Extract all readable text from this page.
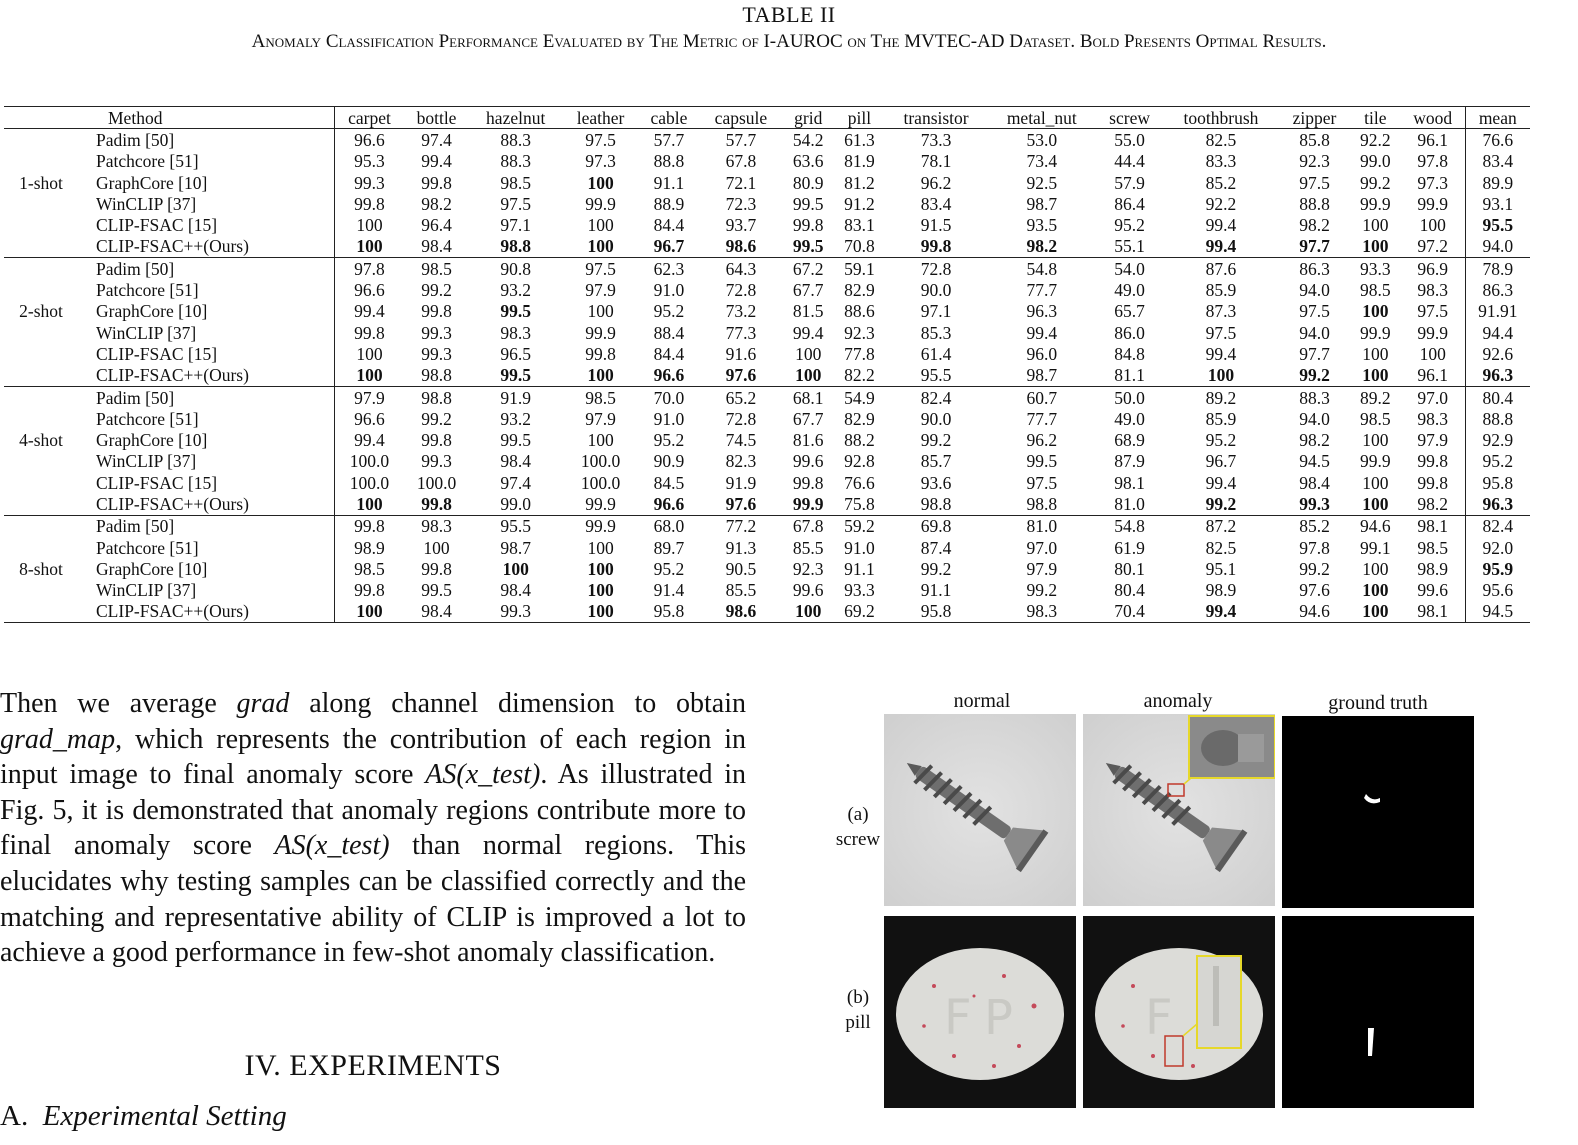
TABLE II
Anomaly Classification Performance Evaluated by The Metric of I-AUROC on The MVTEC-AD Dataset. Bold Presents Optimal Results.
	Method	carpet	bottle	hazelnut	leather	cable	capsule	grid	pill	transistor	metal_nut	screw	toothbrush	zipper	tile	wood	mean
	Padim [50]	96.6	97.4	88.3	97.5	57.7	57.7	54.2	61.3	73.3	53.0	55.0	82.5	85.8	92.2	96.1	76.6
	Patchcore [51]	95.3	99.4	88.3	97.3	88.8	67.8	63.6	81.9	78.1	73.4	44.4	83.3	92.3	99.0	97.8	83.4
1-shot	GraphCore [10]	99.3	99.8	98.5	100	91.1	72.1	80.9	81.2	96.2	92.5	57.9	85.2	97.5	99.2	97.3	89.9
	WinCLIP [37]	99.8	98.2	97.5	99.9	88.9	72.3	99.5	91.2	83.4	98.7	86.4	92.2	88.8	99.9	99.9	93.1
	CLIP-FSAC [15]	100	96.4	97.1	100	84.4	93.7	99.8	83.1	91.5	93.5	95.2	99.4	98.2	100	100	95.5
	CLIP-FSAC++(Ours)	100	98.4	98.8	100	96.7	98.6	99.5	70.8	99.8	98.2	55.1	99.4	97.7	100	97.2	94.0
	Padim [50]	97.8	98.5	90.8	97.5	62.3	64.3	67.2	59.1	72.8	54.8	54.0	87.6	86.3	93.3	96.9	78.9
	Patchcore [51]	96.6	99.2	93.2	97.9	91.0	72.8	67.7	82.9	90.0	77.7	49.0	85.9	94.0	98.5	98.3	86.3
2-shot	GraphCore [10]	99.4	99.8	99.5	100	95.2	73.2	81.5	88.6	97.1	96.3	65.7	87.3	97.5	100	97.5	91.91
	WinCLIP [37]	99.8	99.3	98.3	99.9	88.4	77.3	99.4	92.3	85.3	99.4	86.0	97.5	94.0	99.9	99.9	94.4
	CLIP-FSAC [15]	100	99.3	96.5	99.8	84.4	91.6	100	77.8	61.4	96.0	84.8	99.4	97.7	100	100	92.6
	CLIP-FSAC++(Ours)	100	98.8	99.5	100	96.6	97.6	100	82.2	95.5	98.7	81.1	100	99.2	100	96.1	96.3
	Padim [50]	97.9	98.8	91.9	98.5	70.0	65.2	68.1	54.9	82.4	60.7	50.0	89.2	88.3	89.2	97.0	80.4
	Patchcore [51]	96.6	99.2	93.2	97.9	91.0	72.8	67.7	82.9	90.0	77.7	49.0	85.9	94.0	98.5	98.3	88.8
4-shot	GraphCore [10]	99.4	99.8	99.5	100	95.2	74.5	81.6	88.2	99.2	96.2	68.9	95.2	98.2	100	97.9	92.9
	WinCLIP [37]	100.0	99.3	98.4	100.0	90.9	82.3	99.6	92.8	85.7	99.5	87.9	96.7	94.5	99.9	99.8	95.2
	CLIP-FSAC [15]	100.0	100.0	97.4	100.0	84.5	91.9	99.8	76.6	93.6	97.5	98.1	99.4	98.4	100	99.8	95.8
	CLIP-FSAC++(Ours)	100	99.8	99.0	99.9	96.6	97.6	99.9	75.8	98.8	98.8	81.0	99.2	99.3	100	98.2	96.3
	Padim [50]	99.8	98.3	95.5	99.9	68.0	77.2	67.8	59.2	69.8	81.0	54.8	87.2	85.2	94.6	98.1	82.4
	Patchcore [51]	98.9	100	98.7	100	89.7	91.3	85.5	91.0	87.4	97.0	61.9	82.5	97.8	99.1	98.5	92.0
8-shot	GraphCore [10]	98.5	99.8	100	100	95.2	90.5	92.3	91.1	99.2	97.9	80.1	95.1	99.2	100	98.9	95.9
	WinCLIP [37]	99.8	99.5	98.4	100	91.4	85.5	99.6	93.3	91.1	99.2	80.4	98.9	97.6	100	99.6	95.6
	CLIP-FSAC++(Ours)	100	98.4	99.3	100	95.8	98.6	100	69.2	95.8	98.3	70.4	99.4	94.6	100	98.1	94.5
Then we average grad along channel dimension to obtain grad_map, which represents the contribution of each region in input image to final anomaly score AS(x_test). As illustrated in Fig. 5, it is demonstrated that anomaly regions contribute more to final anomaly score AS(x_test) than normal regions. This elucidates why testing samples can be classified correctly and the matching and representative ability of CLIP is improved a lot to achieve a good performance in few-shot anomaly classification.
IV. EXPERIMENTS
A. Experimental Setting
normal	anomaly	ground truth
(a)
screw
(b)
pill	F P	F
